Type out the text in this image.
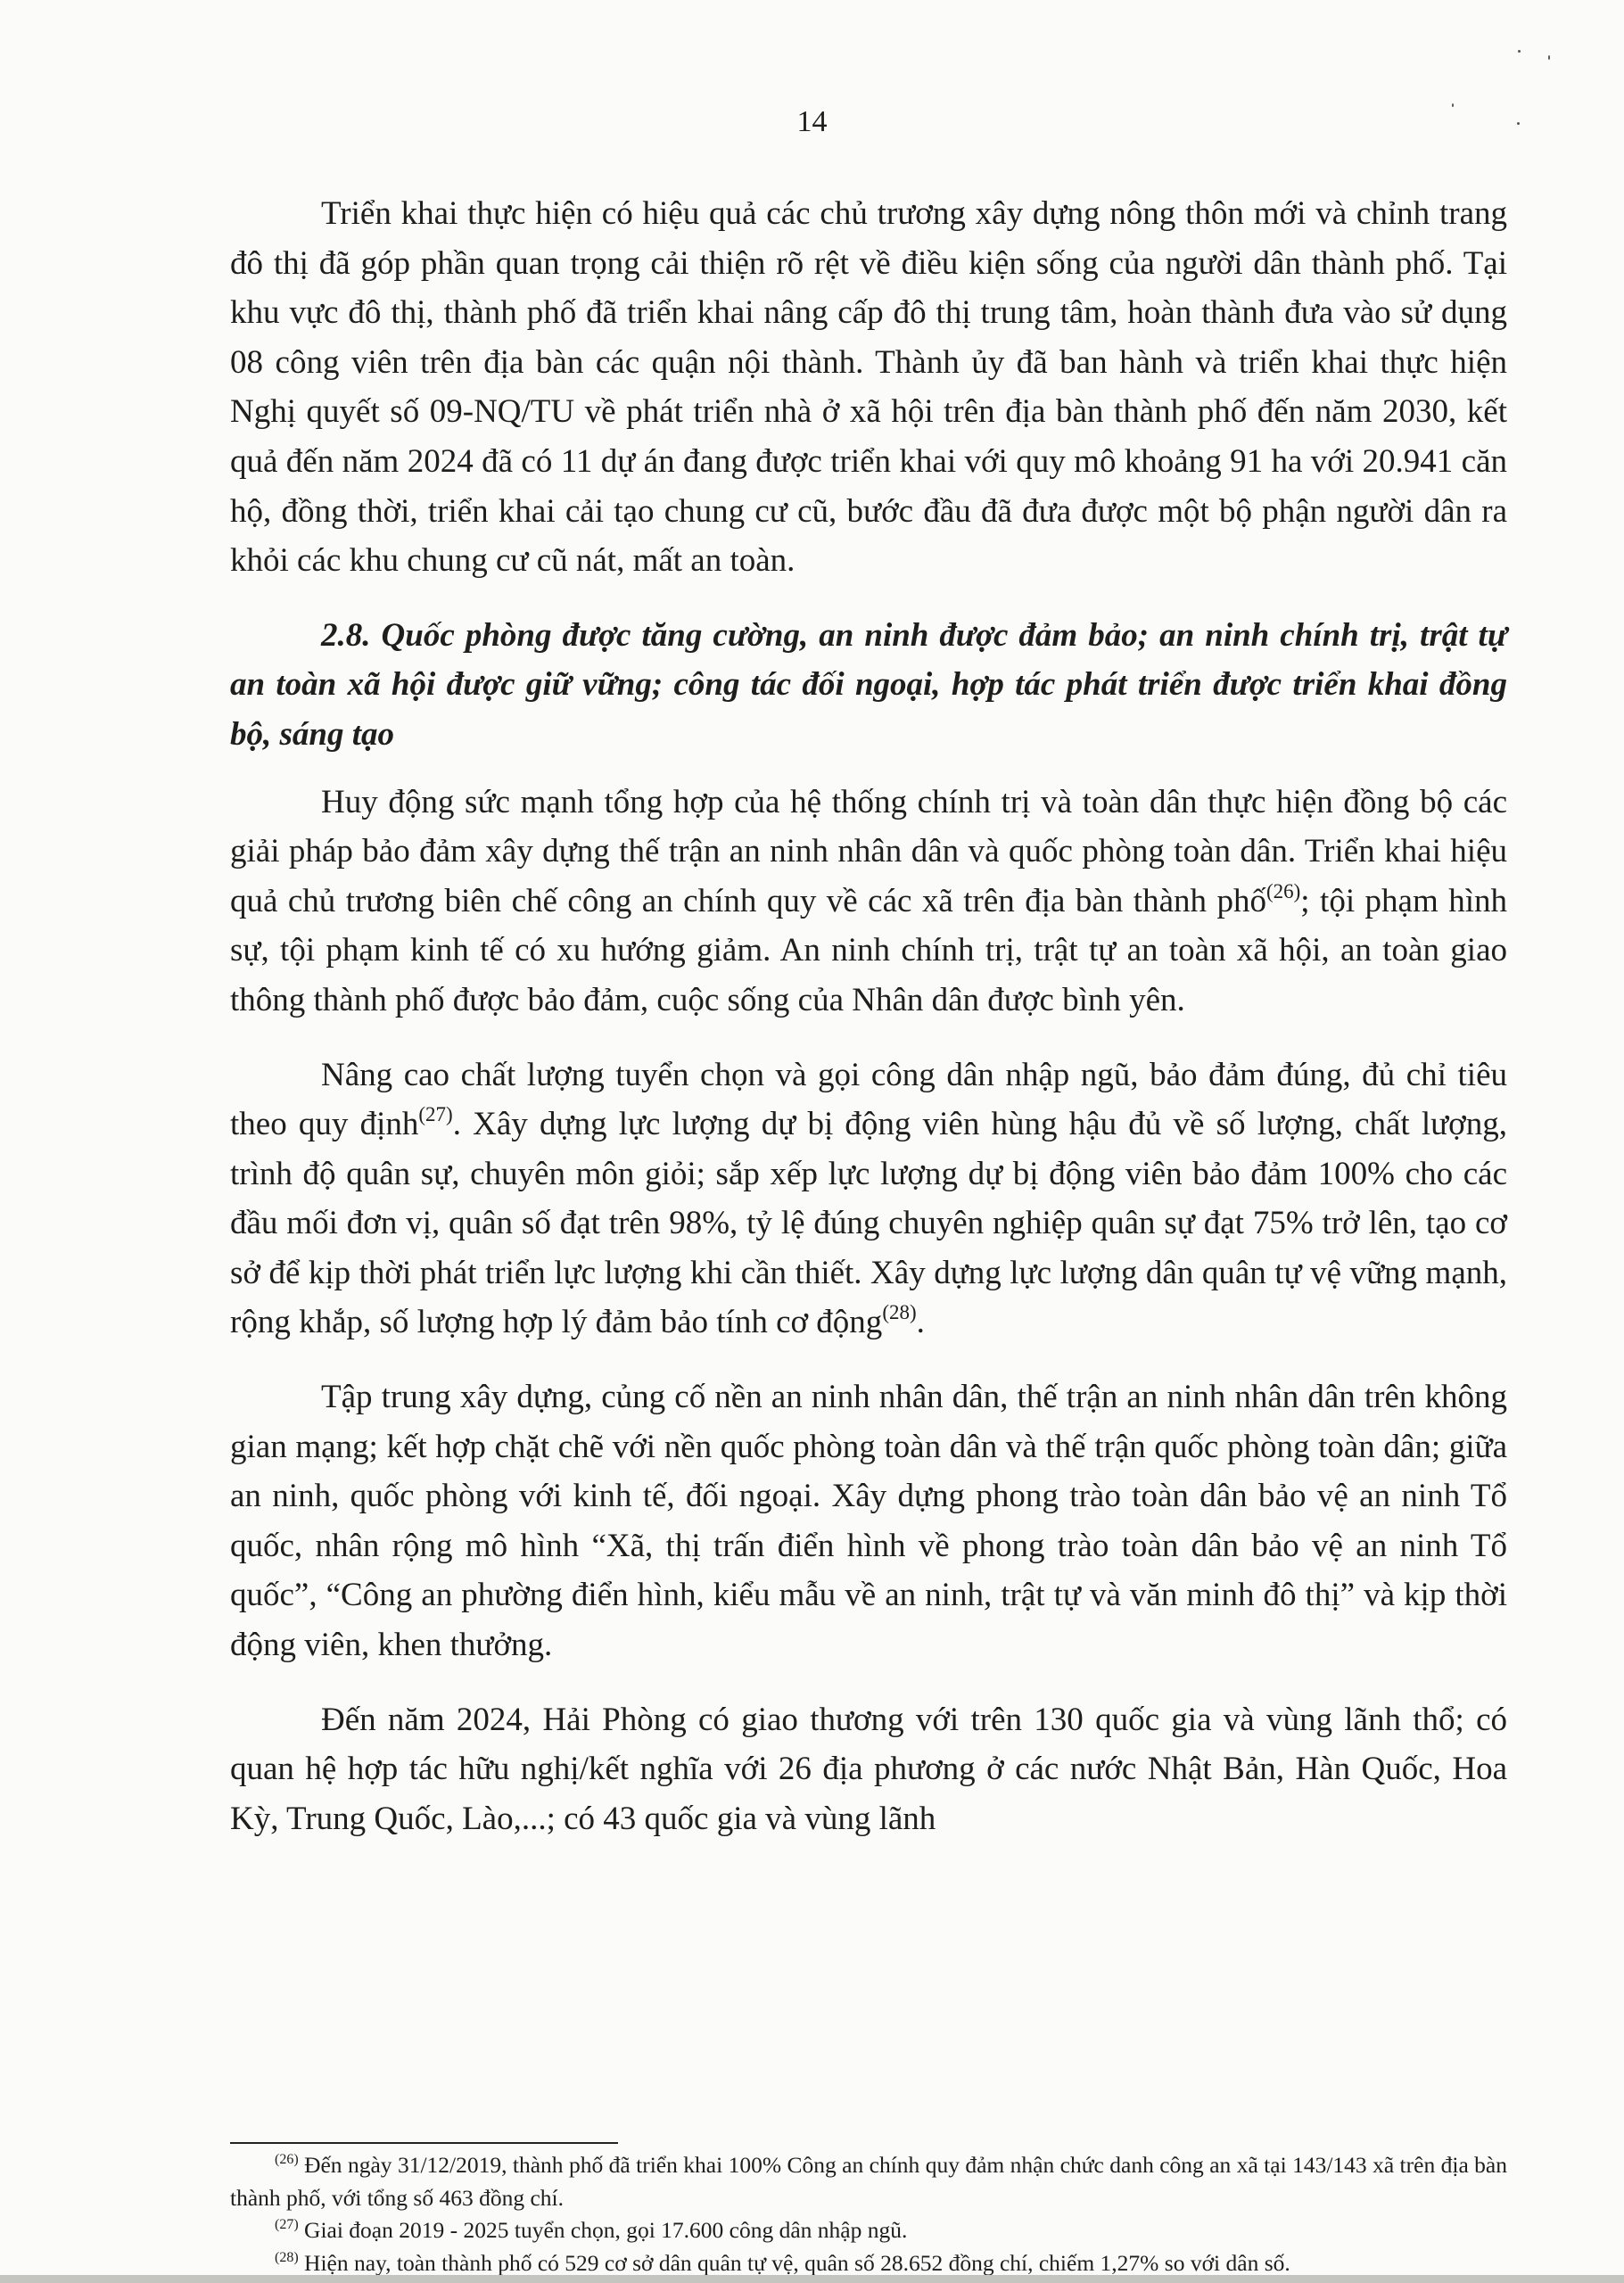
14

Triển khai thực hiện có hiệu quả các chủ trương xây dựng nông thôn mới và chỉnh trang đô thị đã góp phần quan trọng cải thiện rõ rệt về điều kiện sống của người dân thành phố. Tại khu vực đô thị, thành phố đã triển khai nâng cấp đô thị trung tâm, hoàn thành đưa vào sử dụng 08 công viên trên địa bàn các quận nội thành. Thành ủy đã ban hành và triển khai thực hiện Nghị quyết số 09-NQ/TU về phát triển nhà ở xã hội trên địa bàn thành phố đến năm 2030, kết quả đến năm 2024 đã có 11 dự án đang được triển khai với quy mô khoảng 91 ha với 20.941 căn hộ, đồng thời, triển khai cải tạo chung cư cũ, bước đầu đã đưa được một bộ phận người dân ra khỏi các khu chung cư cũ nát, mất an toàn.

2.8. Quốc phòng được tăng cường, an ninh được đảm bảo; an ninh chính trị, trật tự an toàn xã hội được giữ vững; công tác đối ngoại, hợp tác phát triển được triển khai đồng bộ, sáng tạo

Huy động sức mạnh tổng hợp của hệ thống chính trị và toàn dân thực hiện đồng bộ các giải pháp bảo đảm xây dựng thế trận an ninh nhân dân và quốc phòng toàn dân. Triển khai hiệu quả chủ trương biên chế công an chính quy về các xã trên địa bàn thành phố$^{(26)}$; tội phạm hình sự, tội phạm kinh tế có xu hướng giảm. An ninh chính trị, trật tự an toàn xã hội, an toàn giao thông thành phố được bảo đảm, cuộc sống của Nhân dân được bình yên.

Nâng cao chất lượng tuyển chọn và gọi công dân nhập ngũ, bảo đảm đúng, đủ chỉ tiêu theo quy định$^{(27)}$. Xây dựng lực lượng dự bị động viên hùng hậu đủ về số lượng, chất lượng, trình độ quân sự, chuyên môn giỏi; sắp xếp lực lượng dự bị động viên bảo đảm 100% cho các đầu mối đơn vị, quân số đạt trên 98%, tỷ lệ đúng chuyên nghiệp quân sự đạt 75% trở lên, tạo cơ sở để kịp thời phát triển lực lượng khi cần thiết. Xây dựng lực lượng dân quân tự vệ vững mạnh, rộng khắp, số lượng hợp lý đảm bảo tính cơ động$^{(28)}$.

Tập trung xây dựng, củng cố nền an ninh nhân dân, thế trận an ninh nhân dân trên không gian mạng; kết hợp chặt chẽ với nền quốc phòng toàn dân và thế trận quốc phòng toàn dân; giữa an ninh, quốc phòng với kinh tế, đối ngoại. Xây dựng phong trào toàn dân bảo vệ an ninh Tổ quốc, nhân rộng mô hình “Xã, thị trấn điển hình về phong trào toàn dân bảo vệ an ninh Tổ quốc”, “Công an phường điển hình, kiểu mẫu về an ninh, trật tự và văn minh đô thị” và kịp thời động viên, khen thưởng.

Đến năm 2024, Hải Phòng có giao thương với trên 130 quốc gia và vùng lãnh thổ; có quan hệ hợp tác hữu nghị/kết nghĩa với 26 địa phương ở các nước Nhật Bản, Hàn Quốc, Hoa Kỳ, Trung Quốc, Lào,...; có 43 quốc gia và vùng lãnh

$^{(26)}$ Đến ngày 31/12/2019, thành phố đã triển khai 100% Công an chính quy đảm nhận chức danh công an xã tại 143/143 xã trên địa bàn thành phố, với tổng số 463 đồng chí.

$^{(27)}$ Giai đoạn 2019 - 2025 tuyển chọn, gọi 17.600 công dân nhập ngũ.

$^{(28)}$ Hiện nay, toàn thành phố có 529 cơ sở dân quân tự vệ, quân số 28.652 đồng chí, chiếm 1,27% so với dân số.
